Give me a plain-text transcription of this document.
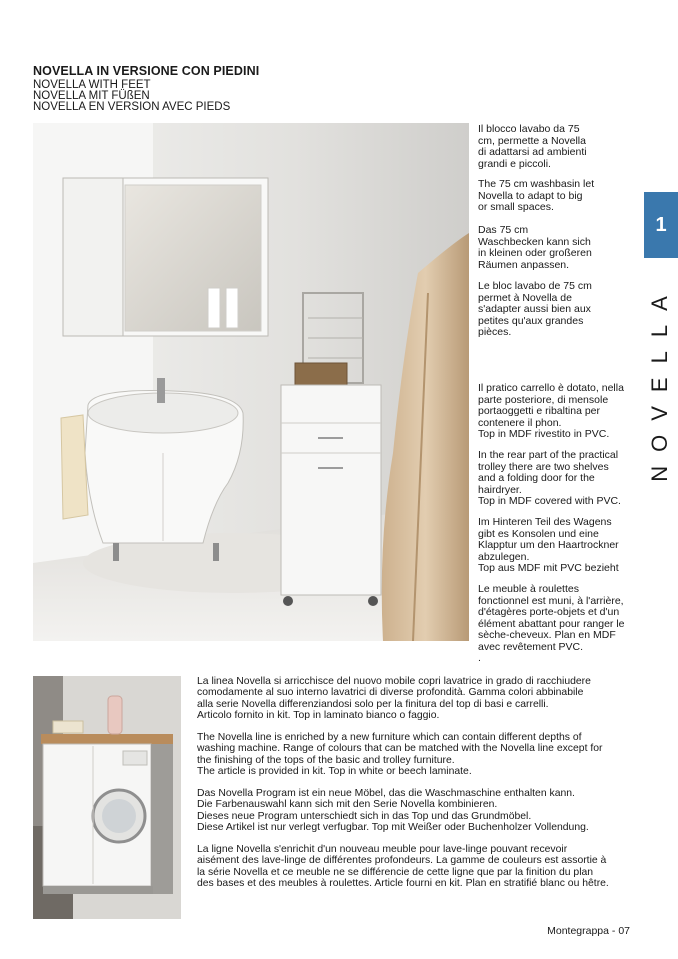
NOVELLA IN VERSIONE CON PIEDINI
NOVELLA WITH FEET
NOVELLA MIT FÜßEN
NOVELLA EN VERSION AVEC PIEDS

Il blocco lavabo da 75
cm, permette a Novella
di adattarsi ad ambienti
grandi e piccoli.

The 75 cm washbasin let
Novella to adapt to big
or small spaces.

Das 75 cm
Waschbecken kann sich
in kleinen oder großeren
Räumen anpassen.

Le bloc lavabo de 75 cm
permet à Novella de
s'adapter aussi bien aux
petites qu'aux grandes
pièces.

Il pratico carrello è dotato, nella
parte posteriore, di mensole
portaoggetti e ribaltina per
contenere il phon.
Top in MDF rivestito in PVC.

In the rear part of the practical
trolley there are two shelves
and a folding door for the
hairdryer.
Top in MDF covered with PVC.

Im Hinteren Teil des Wagens
gibt es Konsolen und eine
Klapptur um den Haartrockner
abzulegen.
Top aus MDF mit PVC bezieht

Le meuble à roulettes
fonctionnel est muni, à l'arrière,
d'étagères porte-objets et d'un
élément abattant pour ranger le
sèche-cheveux. Plan en MDF
avec revêtement PVC.
.

1
NOVELLA

La linea Novella si arricchisce del nuovo mobile copri lavatrice in grado di racchiudere
comodamente al suo interno lavatrici di diverse profondità. Gamma colori abbinabile
alla serie Novella differenziandosi solo per la finitura del top di basi e carrelli.
Articolo fornito in kit. Top in laminato bianco o faggio.

The Novella line is enriched by a new furniture which can contain different depths of
washing machine. Range of colours that can be matched with the Novella line except for
the finishing of the tops of the basic and trolley furniture.
The article is provided in kit. Top in white or beech laminate.

Das Novella Program ist ein neue Möbel, das die Waschmaschine enthalten kann.
Die Farbenauswahl kann sich mit den Serie Novella kombinieren.
Dieses neue Program unterschiedt sich in das Top und das Grundmöbel.
Diese Artikel ist nur verlegt verfugbar. Top mit Weißer oder Buchenholzer Vollendung.

La ligne Novella s'enrichit d'un nouveau meuble pour lave-linge pouvant recevoir
aisément des lave-linge de différentes profondeurs. La gamme de couleurs est assortie à
la série Novella et ce meuble ne se différencie de cette ligne que par la finition du plan
des bases et des meubles à roulettes. Article fourni en kit. Plan en stratifié blanc ou hêtre.

Montegrappa - 07
